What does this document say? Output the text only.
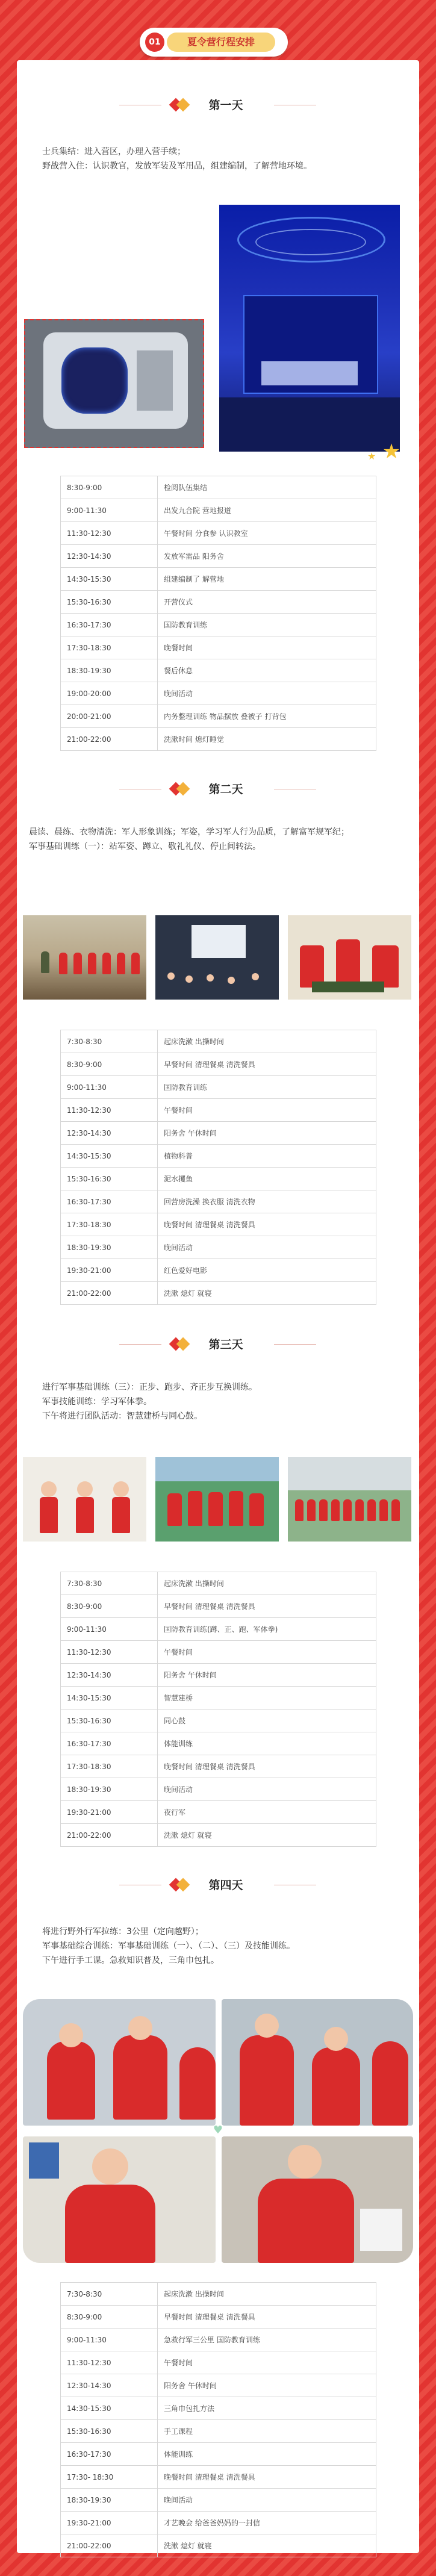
01	夏令营行程安排
第一天
士兵集结：进入营区，办理入营手续；
野战营入住：认识教官，发放军装及军用品，组建编制，了解营地环境。
★
★
8:30-9:00	检阅队伍集结
9:00-11:30	出发九合院 营地报道
11:30-12:30	午餐时间 分食参 认识教室
12:30-14:30	发放军需品 阳务舍
14:30-15:30	组建编制了 解营地
15:30-16:30	开营仪式
16:30-17:30	国防教育训练
17:30-18:30	晚餐时间
18:30-19:30	餐后休息
19:00-20:00	晚间活动
20:00-21:00	内务整理训练 物品摆放 叠被子 打背包
21:00-22:00	洗漱时间 熄灯睡觉
第二天
晨读、晨练、衣物清洗：军人形象训练；军姿，学习军人行为品质，了解富军规军纪；
军事基础训练（一）：站军姿、蹲立、敬礼礼仪、停止间转法。
7:30-8:30	起床洗漱 出操时间
8:30-9:00	早餐时间 清理餐桌 清洗餐具
9:00-11:30	国防教育训练
11:30-12:30	午餐时间
12:30-14:30	阳务舍 午休时间
14:30-15:30	植物科普
15:30-16:30	泥水攫鱼
16:30-17:30	回营房洗澡 换衣服 清洗衣物
17:30-18:30	晚餐时间 清理餐桌 清洗餐具
18:30-19:30	晚间活动
19:30-21:00	红色爱好电影
21:00-22:00	洗漱 熄灯 就寝
第三天
进行军事基础训练（三）：正步、跑步、齐正步互换训练。
军事技能训练：学习军体拳。
下午将进行团队活动：智慧建桥与同心鼓。
7:30-8:30	起床洗漱 出操时间
8:30-9:00	早餐时间 清理餐桌 清洗餐具
9:00-11:30	国防教育训练(蹲、正、跑、军体拳)
11:30-12:30	午餐时间
12:30-14:30	阳务舍 午休时间
14:30-15:30	智慧建桥
15:30-16:30	同心鼓
16:30-17:30	体能训练
17:30-18:30	晚餐时间 清理餐桌 清洗餐具
18:30-19:30	晚间活动
19:30-21:00	夜行军
21:00-22:00	洗漱 熄灯 就寝
第四天
将进行野外行军拉练：3公里（定向越野）；
军事基础综合训练：军事基础训练（一）、（二）、（三）及技能训练。
下午进行手工课。急救知识普及，三角巾包扎。
♥
7:30-8:30	起床洗漱 出操时间
8:30-9:00	早餐时间 清理餐桌 清洗餐具
9:00-11:30	急救行军三公里 国防教育训练
11:30-12:30	午餐时间
12:30-14:30	阳务舍 午休时间
14:30-15:30	三角巾包扎方法
15:30-16:30	手工课程
16:30-17:30	体能训练
17:30- 18:30	晚餐时间 清理餐桌 清洗餐具
18:30-19:30	晚间活动
19:30-21:00	才艺晚会 给爸爸妈妈的一封信
21:00-22:00	洗漱 熄灯 就寝
